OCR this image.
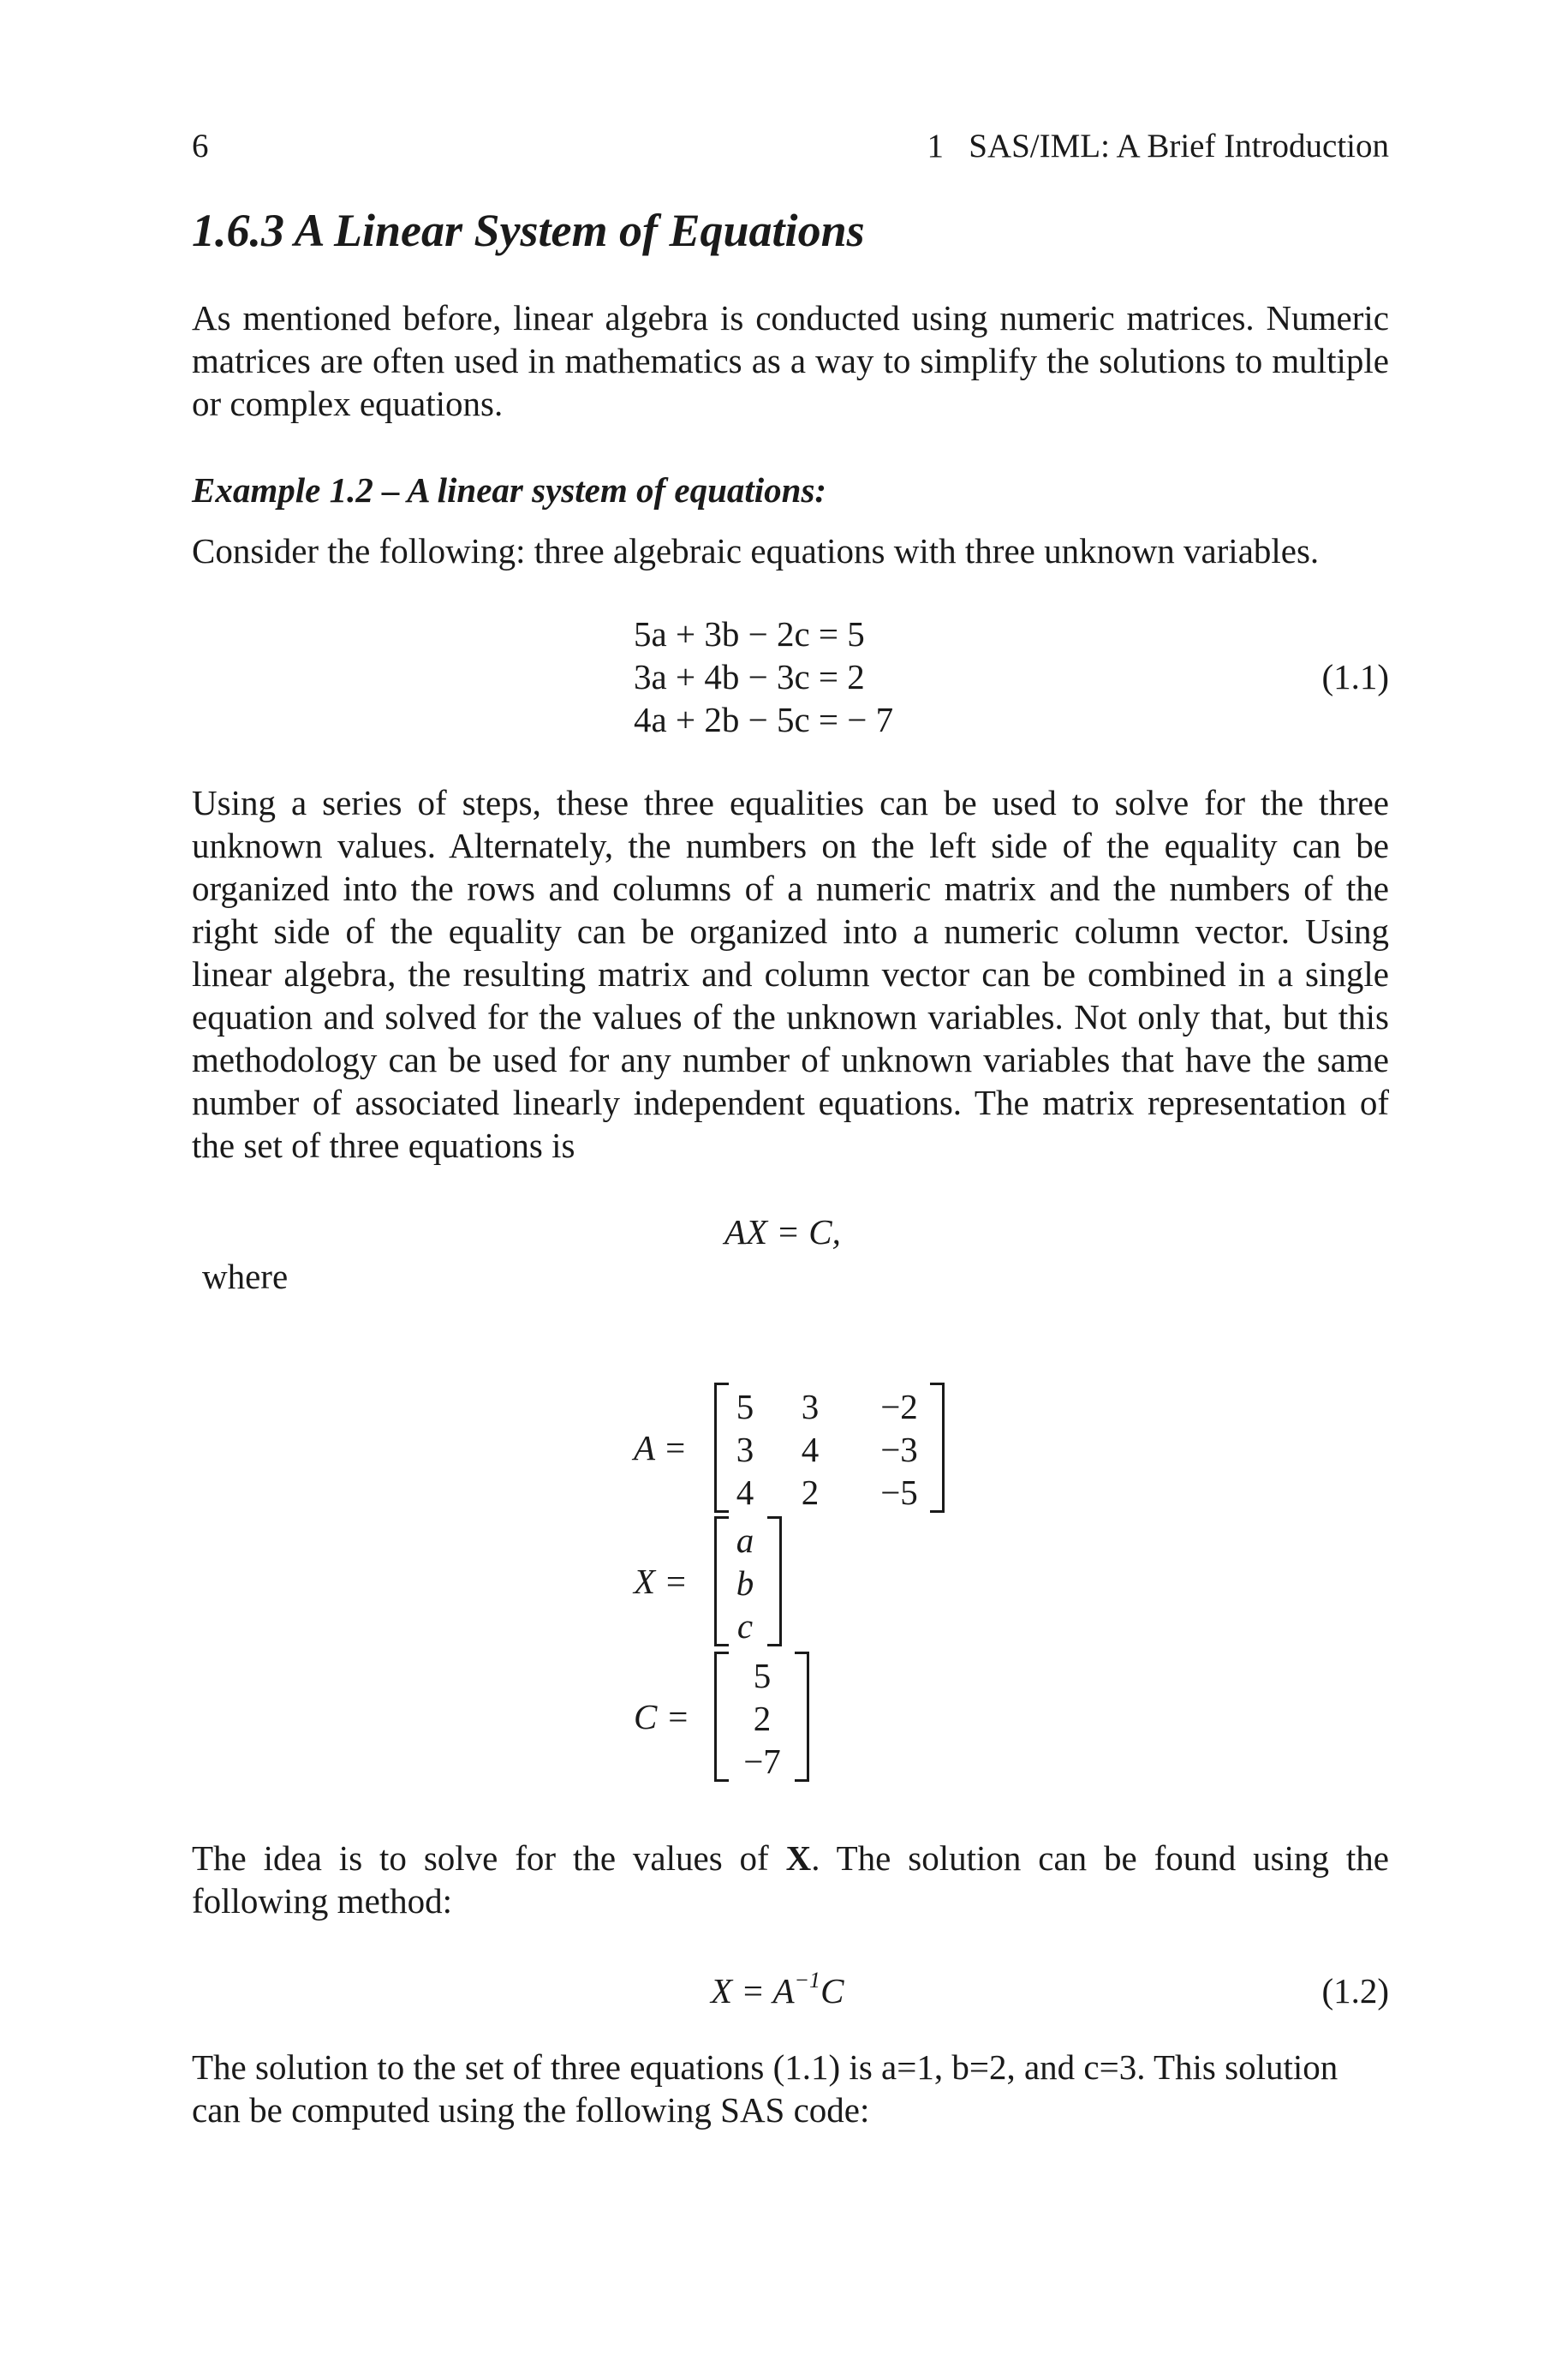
6	1   SAS/IML: A Brief Introduction
1.6.3 A Linear System of Equations
As mentioned before, linear algebra is conducted using numeric matrices. Numeric matrices are often used in mathematics as a way to simplify the solutions to multiple or complex equations.
Example 1.2 – A linear system of equations:
Consider the following: three algebraic equations with three unknown variables.
5a + 3b − 2c = 5
3a + 4b − 3c = 2
4a + 2b − 5c = − 7
(1.1)
Using a series of steps, these three equalities can be used to solve for the three unknown values. Alternately, the numbers on the left side of the equality can be organized into the rows and columns of a numeric matrix and the numbers of the right side of the equality can be organized into a numeric column vector. Using linear algebra, the resulting matrix and column vector can be combined in a single equation and solved for the values of the unknown variables. Not only that, but this methodology can be used for any number of unknown variables that have the same number of associated linearly independent equations. The matrix representation of the set of three equations is
AX = C,
where
A =
5	3	−2
3	4	−3
4	2	−5
X =
a
b
c
C =
5
2
−7
The idea is to solve for the values of X. The solution can be found using the following method:
$X = A^{-1}C$	(1.2)
The solution to the set of three equations (1.1) is a=1, b=2, and c=3. This solution can be computed using the following SAS code:
